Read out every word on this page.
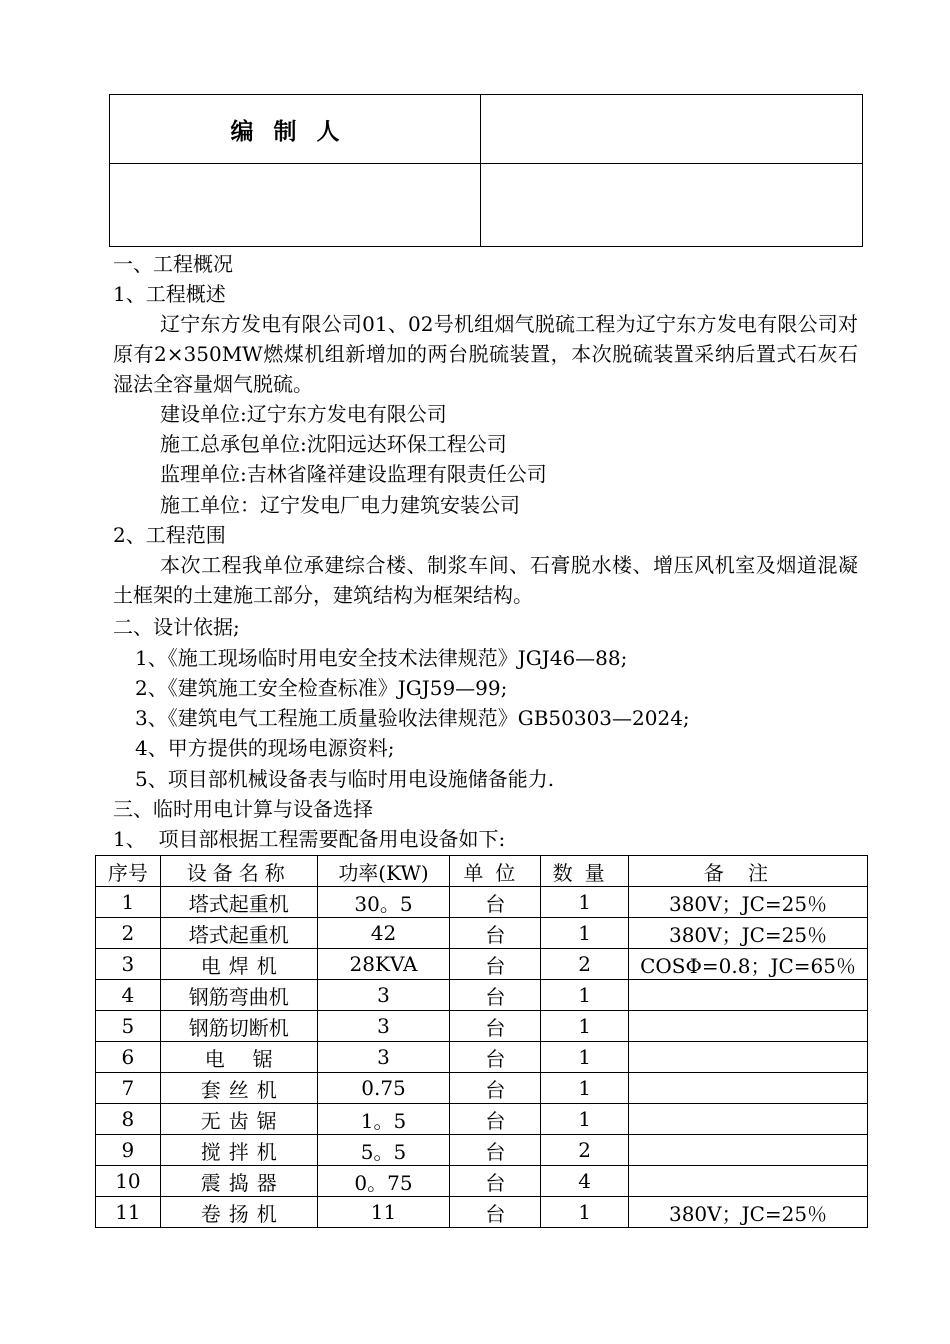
编制人	

一、工程概况
1、工程概述
辽宁东方发电有限公司01、02号机组烟气脱硫工程为辽宁东方发电有限公司对原有2×350MW燃煤机组新增加的两台脱硫装置，本次脱硫装置采纳后置式石灰石湿法全容量烟气脱硫。
建设单位:辽宁东方发电有限公司
施工总承包单位:沈阳远达环保工程公司
监理单位:吉林省隆祥建设监理有限责任公司
施工单位：辽宁发电厂电力建筑安装公司
2、工程范围
本次工程我单位承建综合楼、制浆车间、石膏脱水楼、增压风机室及烟道混凝土框架的土建施工部分，建筑结构为框架结构。
二、设计依据;
1、《施工现场临时用电安全技术法律规范》JGJ46—88;
2、《建筑施工安全检查标准》JGJ59—99;
3、《建筑电气工程施工质量验收法律规范》GB50303—2024;
4、甲方提供的现场电源资料;
5、项目部机械设备表与临时用电设施储备能力.
三、临时用电计算与设备选择
1、  项目部根据工程需要配备用电设备如下:
序号	设备名称	功率(KW)	单位	数量	备注
1	塔式起重机	30。5	台	1	380V；JC=25％
2	塔式起重机	42	台	1	380V；JC=25％
3	电焊机	28KVA	台	2	COSΦ=0.8；JC=65％
4	钢筋弯曲机	3	台	1	
5	钢筋切断机	3	台	1	
6	电锯	3	台	1	
7	套丝机	0.75	台	1	
8	无齿锯	1。5	台	1	
9	搅拌机	5。5	台	2	
10	震捣器	0。75	台	4	
11	卷扬机	11	台	1	380V；JC=25％
